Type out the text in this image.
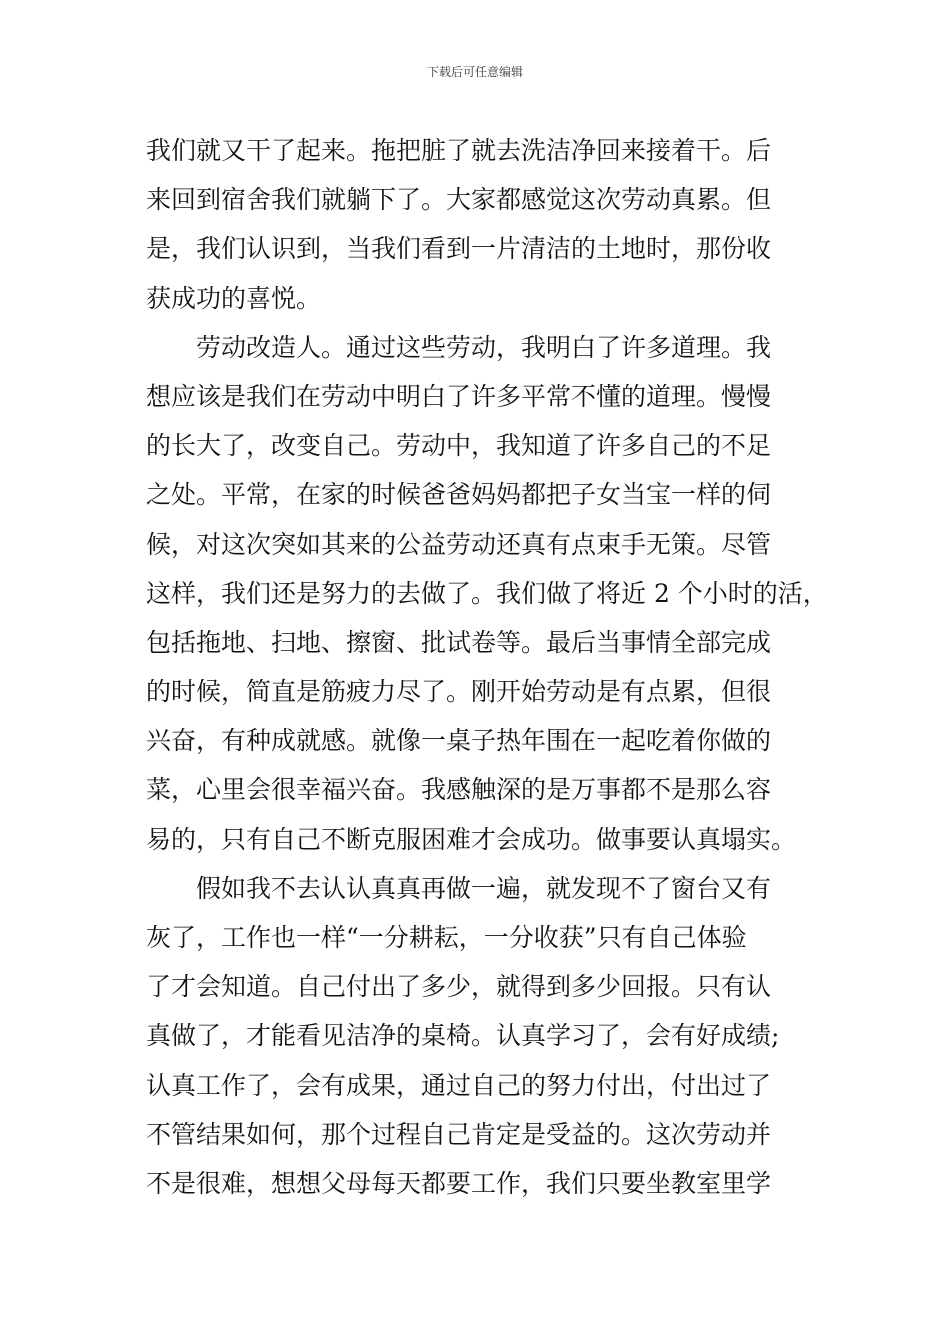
下载后可任意编辑
我们就又干了起来。拖把脏了就去洗洁净回来接着干。后
来回到宿舍我们就躺下了。大家都感觉这次劳动真累。但
是，我们认识到，当我们看到一片清洁的土地时，那份收
获成功的喜悦。
劳动改造人。通过这些劳动，我明白了许多道理。我
想应该是我们在劳动中明白了许多平常不懂的道理。慢慢
的长大了，改变自己。劳动中，我知道了许多自己的不足
之处。平常，在家的时候爸爸妈妈都把子女当宝一样的伺
候，对这次突如其来的公益劳动还真有点束手无策。尽管
这样，我们还是努力的去做了。我们做了将近 2 个小时的活，
包括拖地、扫地、擦窗、批试卷等。最后当事情全部完成
的时候，简直是筋疲力尽了。刚开始劳动是有点累，但很
兴奋，有种成就感。就像一桌子热年围在一起吃着你做的
菜，心里会很幸福兴奋。我感触深的是万事都不是那么容
易的，只有自己不断克服困难才会成功。做事要认真塌实。
假如我不去认认真真再做一遍，就发现不了窗台又有
灰了，工作也一样“一分耕耘，一分收获”只有自己体验
了才会知道。自己付出了多少，就得到多少回报。只有认
真做了，才能看见洁净的桌椅。认真学习了，会有好成绩;
认真工作了，会有成果，通过自己的努力付出，付出过了
不管结果如何，那个过程自己肯定是受益的。这次劳动并
不是很难，想想父母每天都要工作，我们只要坐教室里学
